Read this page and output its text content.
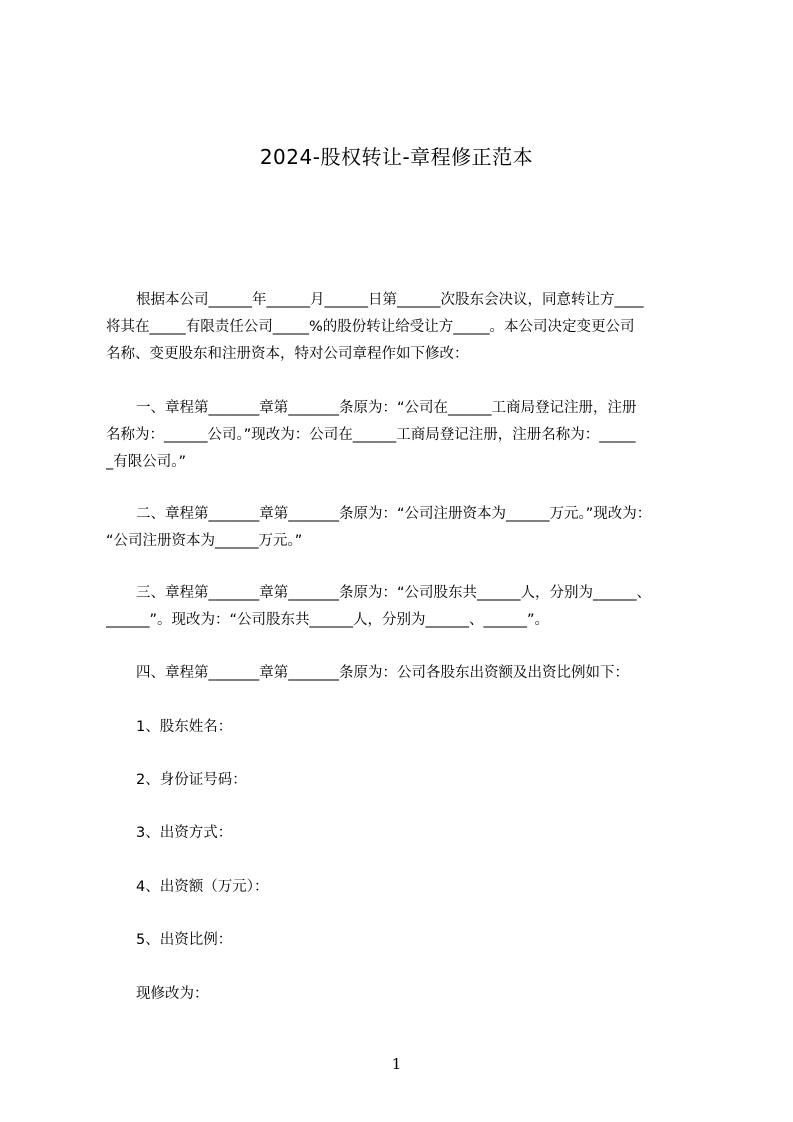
2024-股权转让-章程修正范本
根据本公司______年______月______日第______次股东会决议，同意转让方____
将其在_____有限责任公司_____%的股份转让给受让方_____。本公司决定变更公司
名称、变更股东和注册资本，特对公司章程作如下修改：
一、章程第_______章第_______条原为：“公司在______工商局登记注册，注册
名称为：______公司。”现改为：公司在______工商局登记注册，注册名称为：_____
_有限公司。”
二、章程第_______章第_______条原为：“公司注册资本为______万元。”现改为：
“公司注册资本为______万元。”
三、章程第_______章第_______条原为：“公司股东共______人，分别为______、
______”。现改为：“公司股东共______人，分别为______、______”。
四、章程第_______章第_______条原为：公司各股东出资额及出资比例如下：
1、股东姓名：
2、身份证号码：
3、出资方式：
4、出资额（万元）：
5、出资比例：
现修改为：
1
